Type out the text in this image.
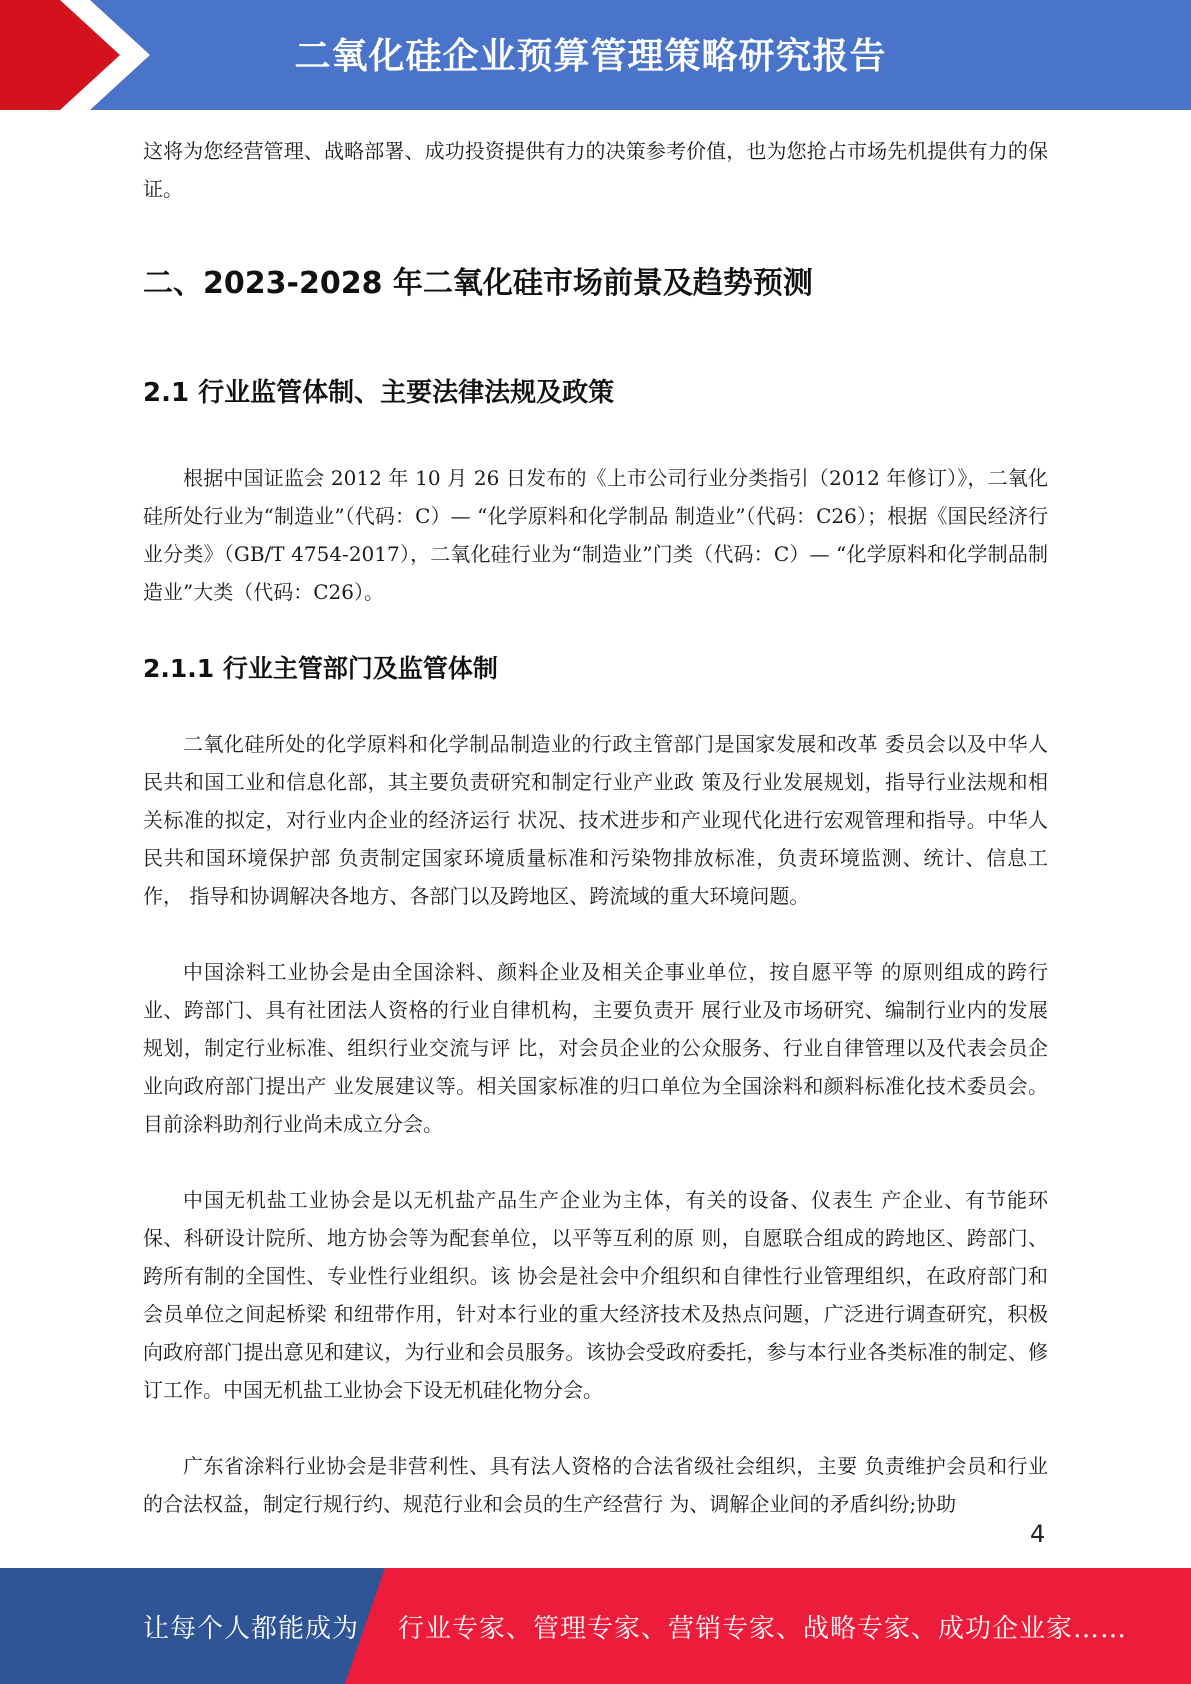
二氧化硅企业预算管理策略研究报告

这将为您经营管理、战略部署、成功投资提供有力的决策参考价值，也为您抢占市场先机提供有力的保证。

二、2023-2028 年二氧化硅市场前景及趋势预测
2.1 行业监管体制、主要法律法规及政策

根据中国证监会 2012 年 10 月 26 日发布的《上市公司行业分类指引（2012 年修订）》，二氧化硅所处行业为“制造业”（代码：C）— “化学原料和化学制品 制造业”（代码：C26）；根据《国民经济行业分类》（GB/T 4754-2017），二氧化硅行业为“制造业”门类（代码：C）— “化学原料和化学制品制造业”大类（代码：C26）。

2.1.1 行业主管部门及监管体制

二氧化硅所处的化学原料和化学制品制造业的行政主管部门是国家发展和改革 委员会以及中华人民共和国工业和信息化部，其主要负责研究和制定行业产业政 策及行业发展规划，指导行业法规和相关标准的拟定，对行业内企业的经济运行 状况、技术进步和产业现代化进行宏观管理和指导。中华人民共和国环境保护部 负责制定国家环境质量标准和污染物排放标准，负责环境监测、统计、信息工作， 指导和协调解决各地方、各部门以及跨地区、跨流域的重大环境问题。

中国涂料工业协会是由全国涂料、颜料企业及相关企事业单位，按自愿平等 的原则组成的跨行业、跨部门、具有社团法人资格的行业自律机构，主要负责开 展行业及市场研究、编制行业内的发展规划，制定行业标准、组织行业交流与评 比，对会员企业的公众服务、行业自律管理以及代表会员企业向政府部门提出产 业发展建议等。相关国家标准的归口单位为全国涂料和颜料标准化技术委员会。 目前涂料助剂行业尚未成立分会。

中国无机盐工业协会是以无机盐产品生产企业为主体，有关的设备、仪表生 产企业、有节能环保、科研设计院所、地方协会等为配套单位，以平等互利的原 则，自愿联合组成的跨地区、跨部门、跨所有制的全国性、专业性行业组织。该 协会是社会中介组织和自律性行业管理组织，在政府部门和会员单位之间起桥梁 和纽带作用，针对本行业的重大经济技术及热点问题，广泛进行调查研究，积极 向政府部门提出意见和建议，为行业和会员服务。该协会受政府委托，参与本行业各类标准的制定、修订工作。中国无机盐工业协会下设无机硅化物分会。

广东省涂料行业协会是非营利性、具有法人资格的合法省级社会组织，主要 负责维护会员和行业的合法权益，制定行规行约、规范行业和会员的生产经营行 为、调解企业间的矛盾纠纷;协助

4
让每个人都能成为 行业专家、管理专家、营销专家、战略专家、成功企业家……
